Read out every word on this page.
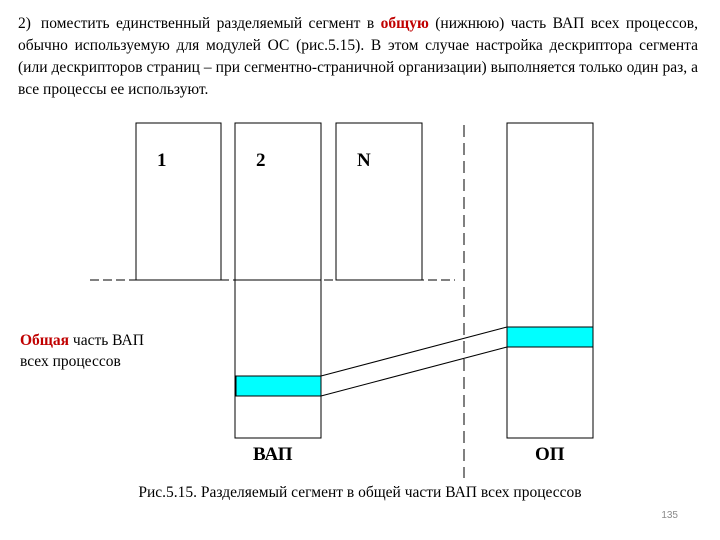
2) поместить единственный разделяемый сегмент в общую (нижнюю) часть ВАП всех процессов, обычно используемую для модулей ОС (рис.5.15). В этом случае настройка дескриптора сегмента (или дескрипторов страниц – при сегментно-страничной организации) выполняется только один раз, а все процессы ее используют.
1	2	N
Общая часть ВАП всех процессов
ВАП	ОП
Рис.5.15. Разделяемый сегмент в общей части ВАП всех процессов
135
